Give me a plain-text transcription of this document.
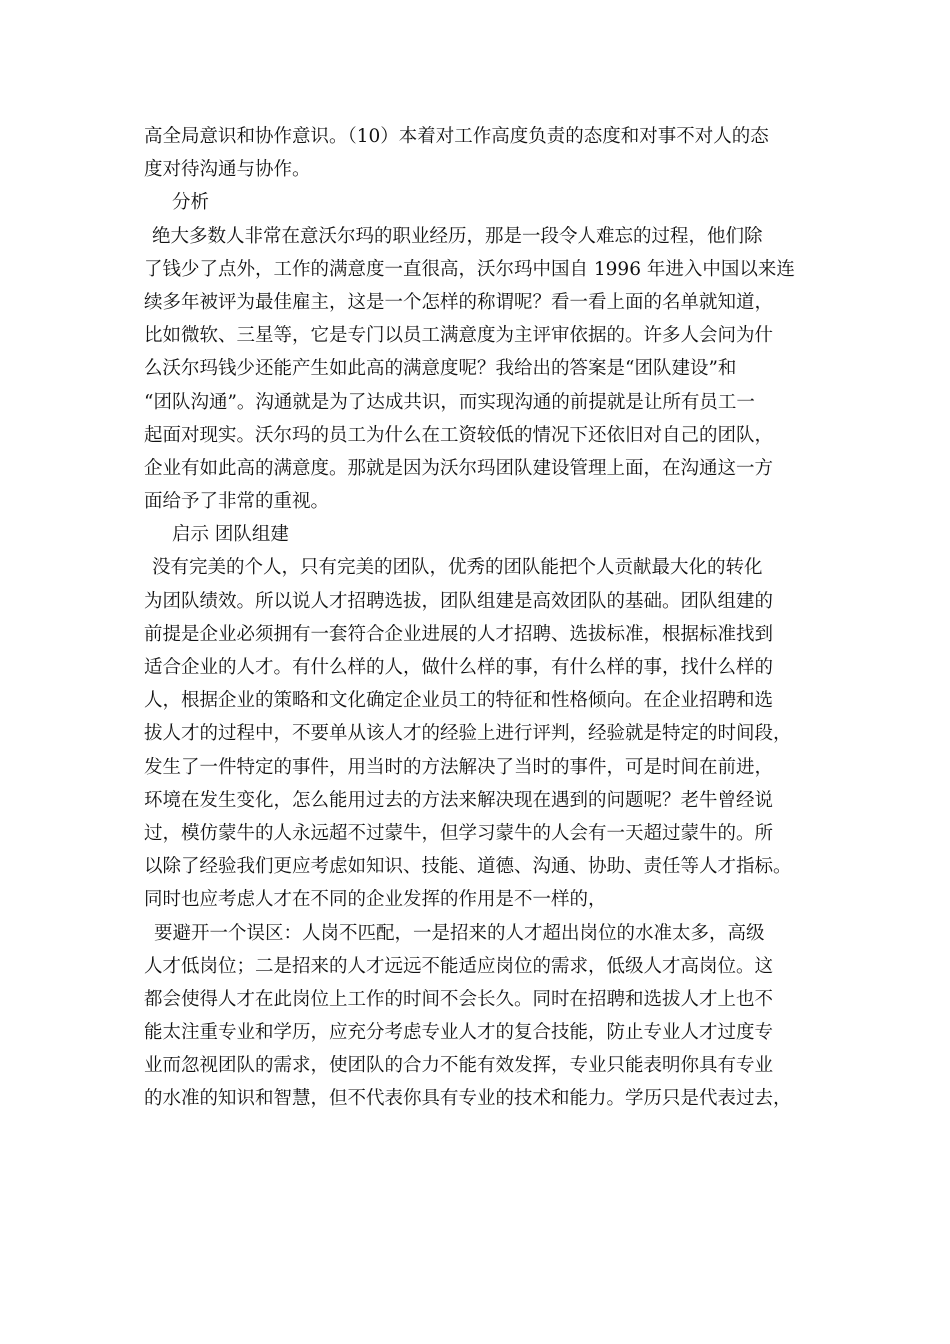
高全局意识和协作意识。（10）本着对工作高度负责的态度和对事不对人的态
度对待沟通与协作。
分析
绝大多数人非常在意沃尔玛的职业经历，那是一段令人难忘的过程，他们除
了钱少了点外，工作的满意度一直很高，沃尔玛中国自 1996 年进入中国以来连
续多年被评为最佳雇主，这是一个怎样的称谓呢？看一看上面的名单就知道，
比如微软、三星等，它是专门以员工满意度为主评审依据的。许多人会问为什
么沃尔玛钱少还能产生如此高的满意度呢？我给出的答案是“团队建设”和
“团队沟通”。沟通就是为了达成共识，而实现沟通的前提就是让所有员工一
起面对现实。沃尔玛的员工为什么在工资较低的情况下还依旧对自己的团队，
企业有如此高的满意度。那就是因为沃尔玛团队建设管理上面，在沟通这一方
面给予了非常的重视。
启示 团队组建
没有完美的个人，只有完美的团队，优秀的团队能把个人贡献最大化的转化
为团队绩效。所以说人才招聘选拔，团队组建是高效团队的基础。团队组建的
前提是企业必须拥有一套符合企业进展的人才招聘、选拔标准，根据标准找到
适合企业的人才。有什么样的人，做什么样的事，有什么样的事，找什么样的
人，根据企业的策略和文化确定企业员工的特征和性格倾向。在企业招聘和选
拔人才的过程中，不要单从该人才的经验上进行评判，经验就是特定的时间段，
发生了一件特定的事件，用当时的方法解决了当时的事件，可是时间在前进，
环境在发生变化，怎么能用过去的方法来解决现在遇到的问题呢？老牛曾经说
过，模仿蒙牛的人永远超不过蒙牛，但学习蒙牛的人会有一天超过蒙牛的。所
以除了经验我们更应考虑如知识、技能、道德、沟通、协助、责任等人才指标。
同时也应考虑人才在不同的企业发挥的作用是不一样的，
要避开一个误区：人岗不匹配，一是招来的人才超出岗位的水准太多，高级
人才低岗位；二是招来的人才远远不能适应岗位的需求，低级人才高岗位。这
都会使得人才在此岗位上工作的时间不会长久。同时在招聘和选拔人才上也不
能太注重专业和学历，应充分考虑专业人才的复合技能，防止专业人才过度专
业而忽视团队的需求，使团队的合力不能有效发挥，专业只能表明你具有专业
的水准的知识和智慧，但不代表你具有专业的技术和能力。学历只是代表过去，
